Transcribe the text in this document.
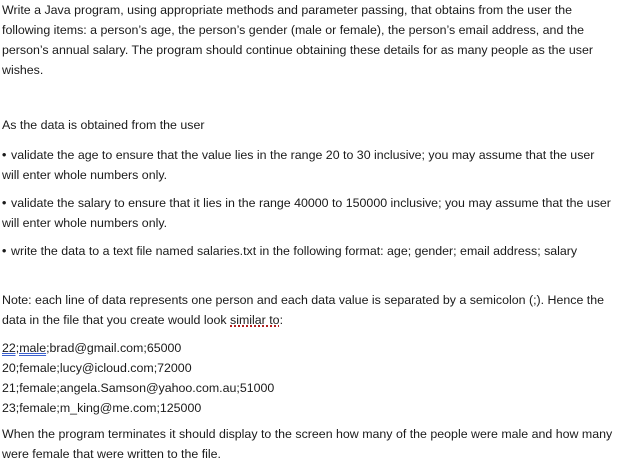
Write a Java program, using appropriate methods and parameter passing, that obtains from the user the following items: a person’s age, the person’s gender (male or female), the person’s email address, and the person’s annual salary. The program should continue obtaining these details for as many people as the user wishes.

As the data is obtained from the user

• validate the age to ensure that the value lies in the range 20 to 30 inclusive; you may assume that the user will enter whole numbers only.

• validate the salary to ensure that it lies in the range 40000 to 150000 inclusive; you may assume that the user will enter whole numbers only.

• write the data to a text file named salaries.txt in the following format: age; gender; email address; salary

Note: each line of data represents one person and each data value is separated by a semicolon (;). Hence the data in the file that you create would look similar to:

22;male;brad@gmail.com;65000
20;female;lucy@icloud.com;72000
21;female;angela.Samson@yahoo.com.au;51000
23;female;m_king@me.com;125000

When the program terminates it should display to the screen how many of the people were male and how many were female that were written to the file.
